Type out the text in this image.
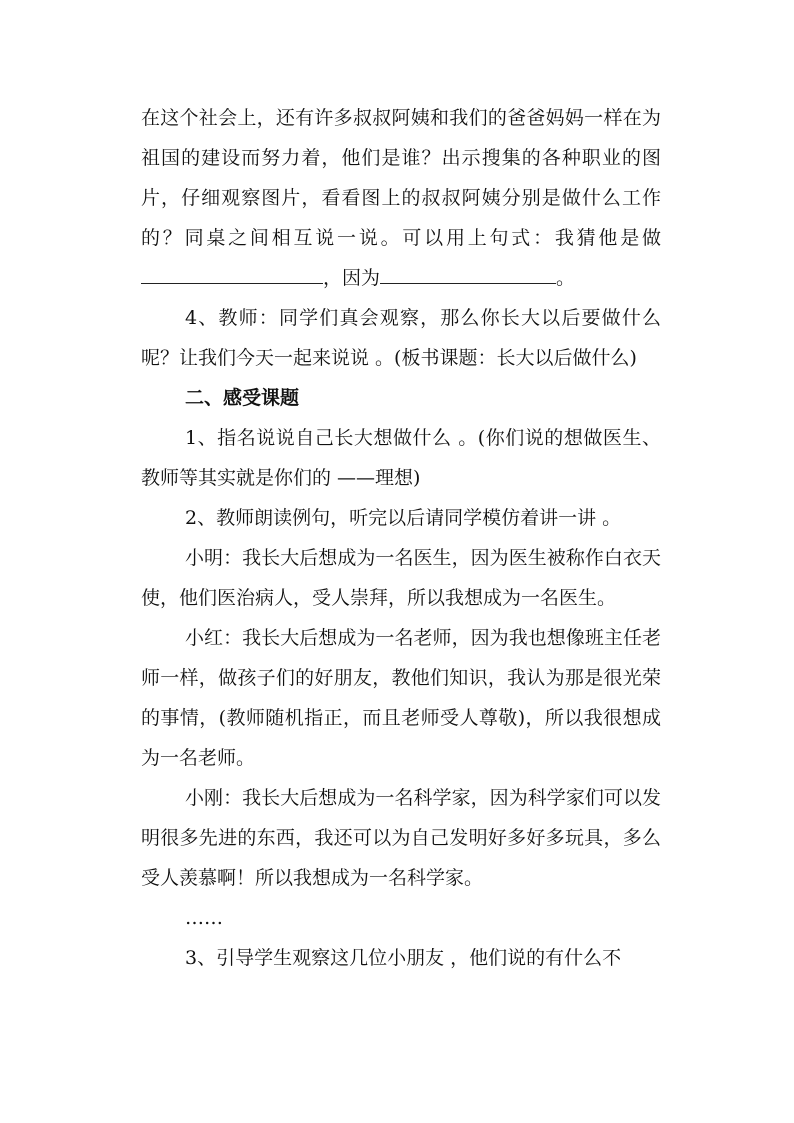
在这个社会上，还有许多叔叔阿姨和我们的爸爸妈妈一样在为祖国的建设而努力着，他们是谁？出示搜集的各种职业的图片，仔细观察图片，看看图上的叔叔阿姨分别是做什么工作的？同桌之间相互说一说。可以用上句式：我猜他是做，因为	。

4、教师：同学们真会观察，那么你长大以后要做什么呢？让我们今天一起来说说 。(板书课题：长大以后做什么)

二、感受课题

1、指名说说自己长大想做什么 。(你们说的想做医生、教师等其实就是你们的 ——理想)

2、教师朗读例句，听完以后请同学模仿着讲一讲 。

小明：我长大后想成为一名医生，因为医生被称作白衣天使，他们医治病人，受人崇拜，所以我想成为一名医生。

小红：我长大后想成为一名老师，因为我也想像班主任老师一样，做孩子们的好朋友，教他们知识，我认为那是很光荣的事情，(教师随机指正，而且老师受人尊敬)，所以我很想成为一名老师。

小刚：我长大后想成为一名科学家，因为科学家们可以发明很多先进的东西，我还可以为自己发明好多好多玩具，多么受人羡慕啊！所以我想成为一名科学家。

……

3、引导学生观察这几位小朋友 ，他们说的有什么不
